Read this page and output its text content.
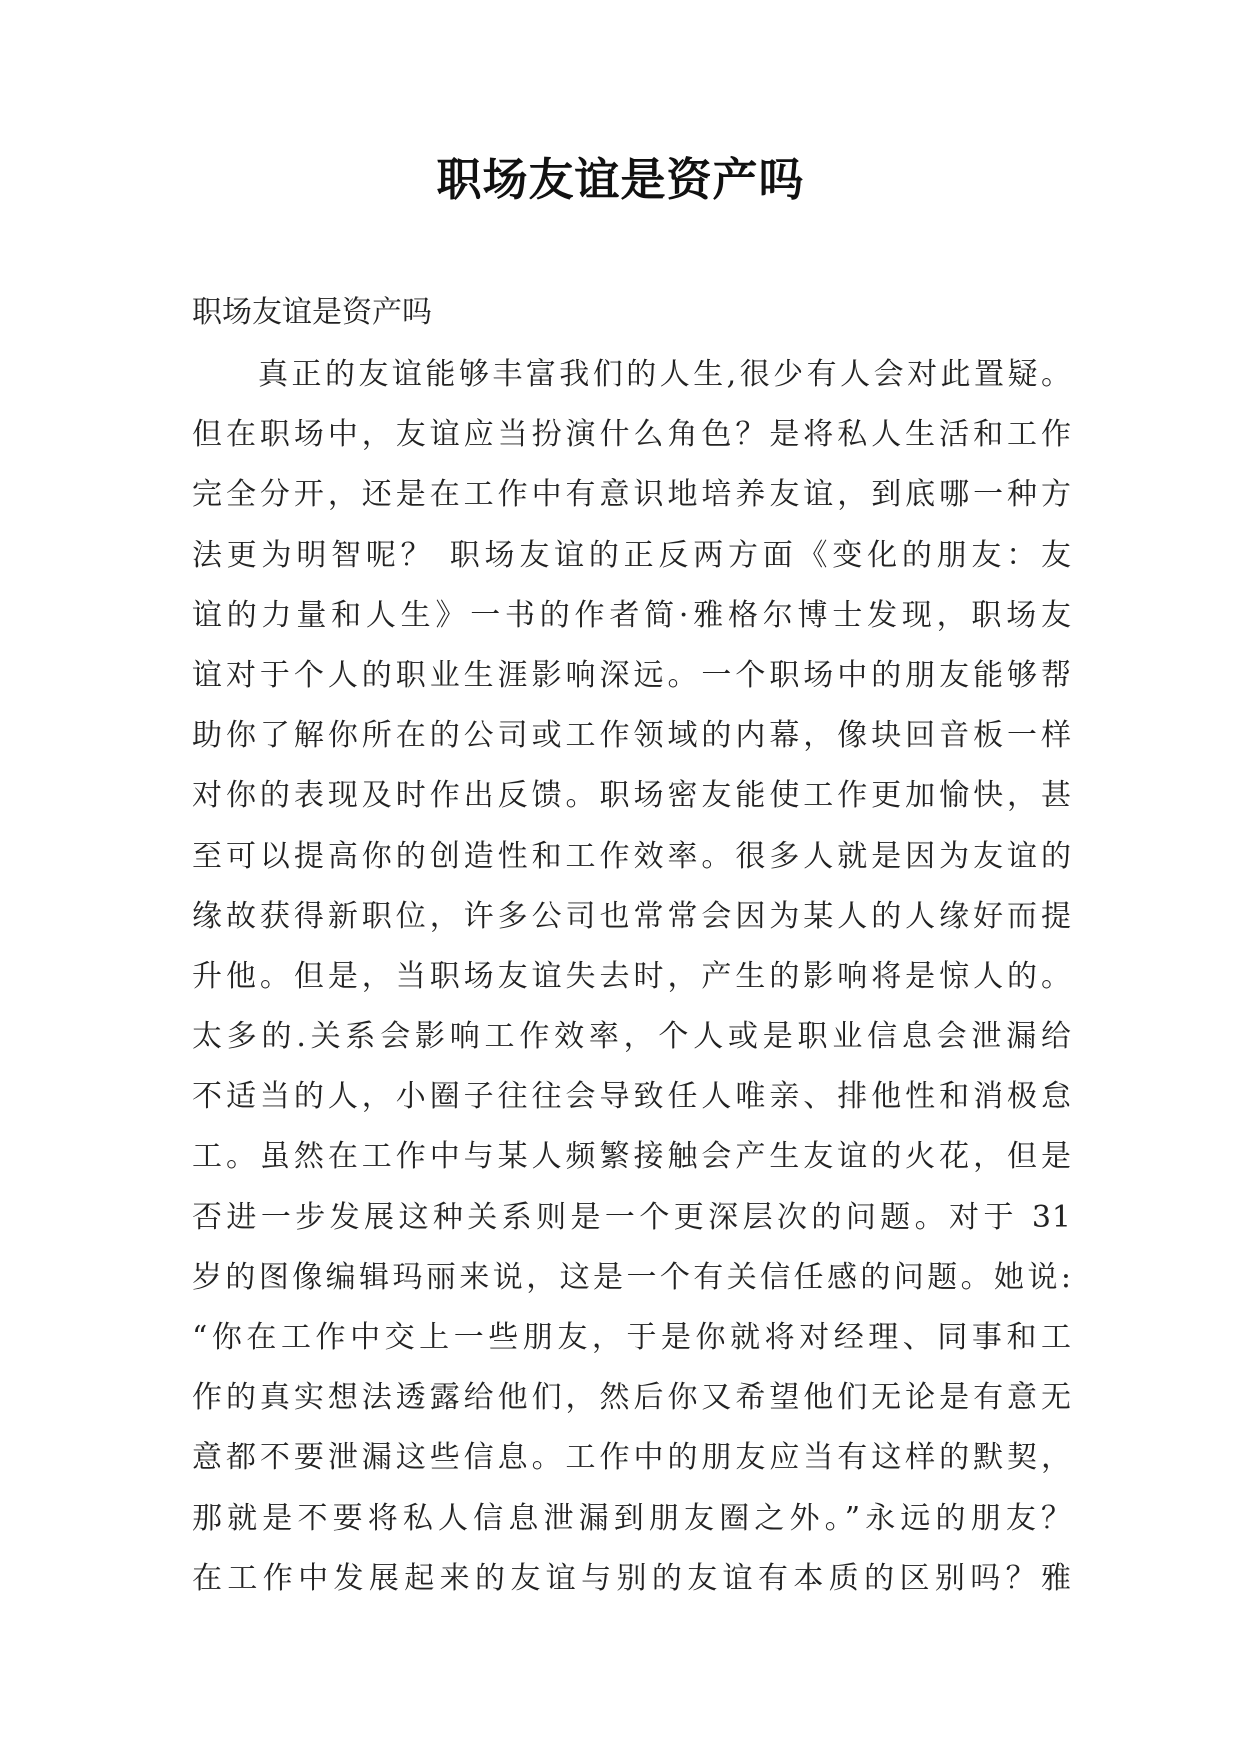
职场友谊是资产吗
职场友谊是资产吗
真正的友谊能够丰富我们的人生,很少有人会对此置疑。
但在职场中，友谊应当扮演什么角色？是将私人生活和工作
完全分开，还是在工作中有意识地培养友谊，到底哪一种方
法更为明智呢？ 职场友谊的正反两方面《变化的朋友：友
谊的力量和人生》一书的作者简·雅格尔博士发现，职场友
谊对于个人的职业生涯影响深远。一个职场中的朋友能够帮
助你了解你所在的公司或工作领域的内幕，像块回音板一样
对你的表现及时作出反馈。职场密友能使工作更加愉快，甚
至可以提高你的创造性和工作效率。很多人就是因为友谊的
缘故获得新职位，许多公司也常常会因为某人的人缘好而提
升他。但是，当职场友谊失去时，产生的影响将是惊人的。
太多的.关系会影响工作效率，个人或是职业信息会泄漏给
不适当的人，小圈子往往会导致任人唯亲、排他性和消极怠
工。虽然在工作中与某人频繁接触会产生友谊的火花，但是
否进一步发展这种关系则是一个更深层次的问题。对于 31
岁的图像编辑玛丽来说，这是一个有关信任感的问题。她说:
“你在工作中交上一些朋友，于是你就将对经理、同事和工
作的真实想法透露给他们，然后你又希望他们无论是有意无
意都不要泄漏这些信息。工作中的朋友应当有这样的默契，
那就是不要将私人信息泄漏到朋友圈之外。”永远的朋友？
在工作中发展起来的友谊与别的友谊有本质的区别吗？雅
